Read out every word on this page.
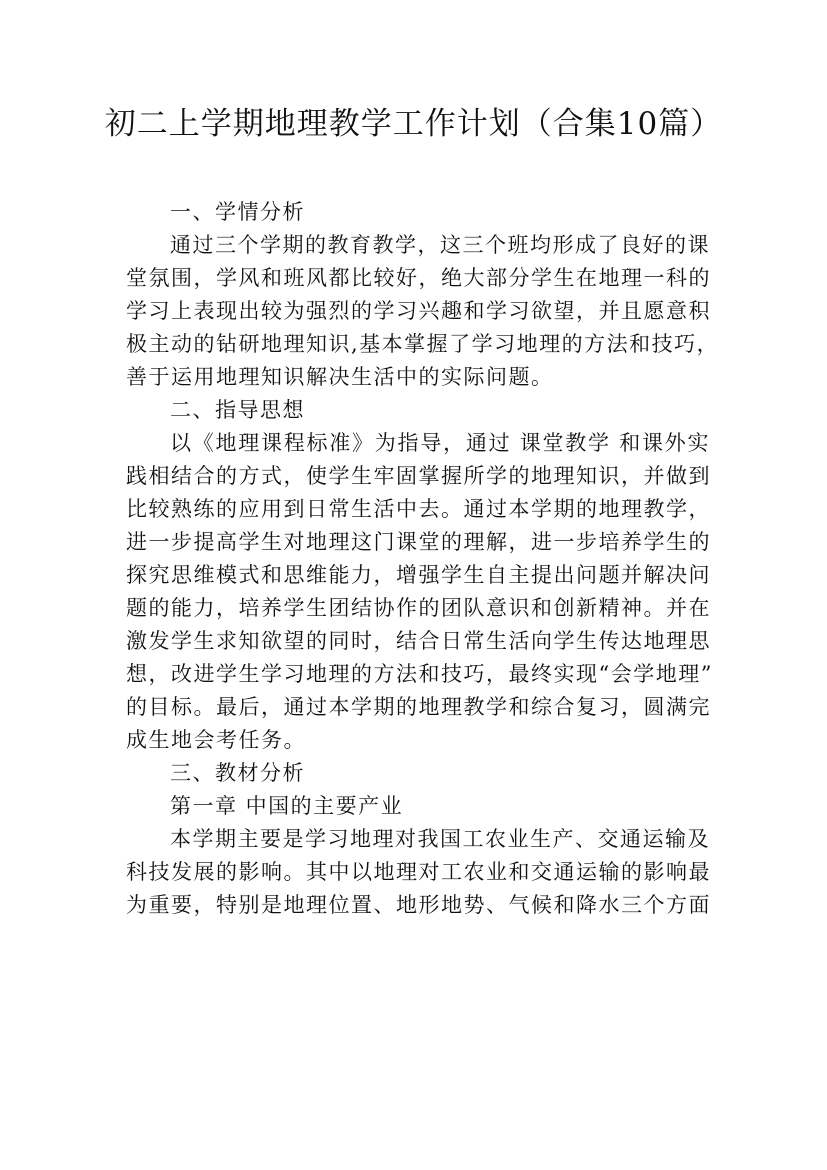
初二上学期地理教学工作计划（合集10篇）
一、学情分析
通过三个学期的教育教学，这三个班均形成了良好的课
堂氛围，学风和班风都比较好，绝大部分学生在地理一科的
学习上表现出较为强烈的学习兴趣和学习欲望，并且愿意积
极主动的钻研地理知识,基本掌握了学习地理的方法和技巧，
善于运用地理知识解决生活中的实际问题。
二、指导思想
以《地理课程标准》为指导，通过 课堂教学 和课外实
践相结合的方式，使学生牢固掌握所学的地理知识，并做到
比较熟练的应用到日常生活中去。通过本学期的地理教学，
进一步提高学生对地理这门课堂的理解，进一步培养学生的
探究思维模式和思维能力，增强学生自主提出问题并解决问
题的能力，培养学生团结协作的团队意识和创新精神。并在
激发学生求知欲望的同时，结合日常生活向学生传达地理思
想，改进学生学习地理的方法和技巧，最终实现“会学地理”
的目标。最后，通过本学期的地理教学和综合复习，圆满完
成生地会考任务。
三、教材分析
第一章 中国的主要产业
本学期主要是学习地理对我国工农业生产、交通运输及
科技发展的影响。其中以地理对工农业和交通运输的影响最
为重要，特别是地理位置、地形地势、气候和降水三个方面
